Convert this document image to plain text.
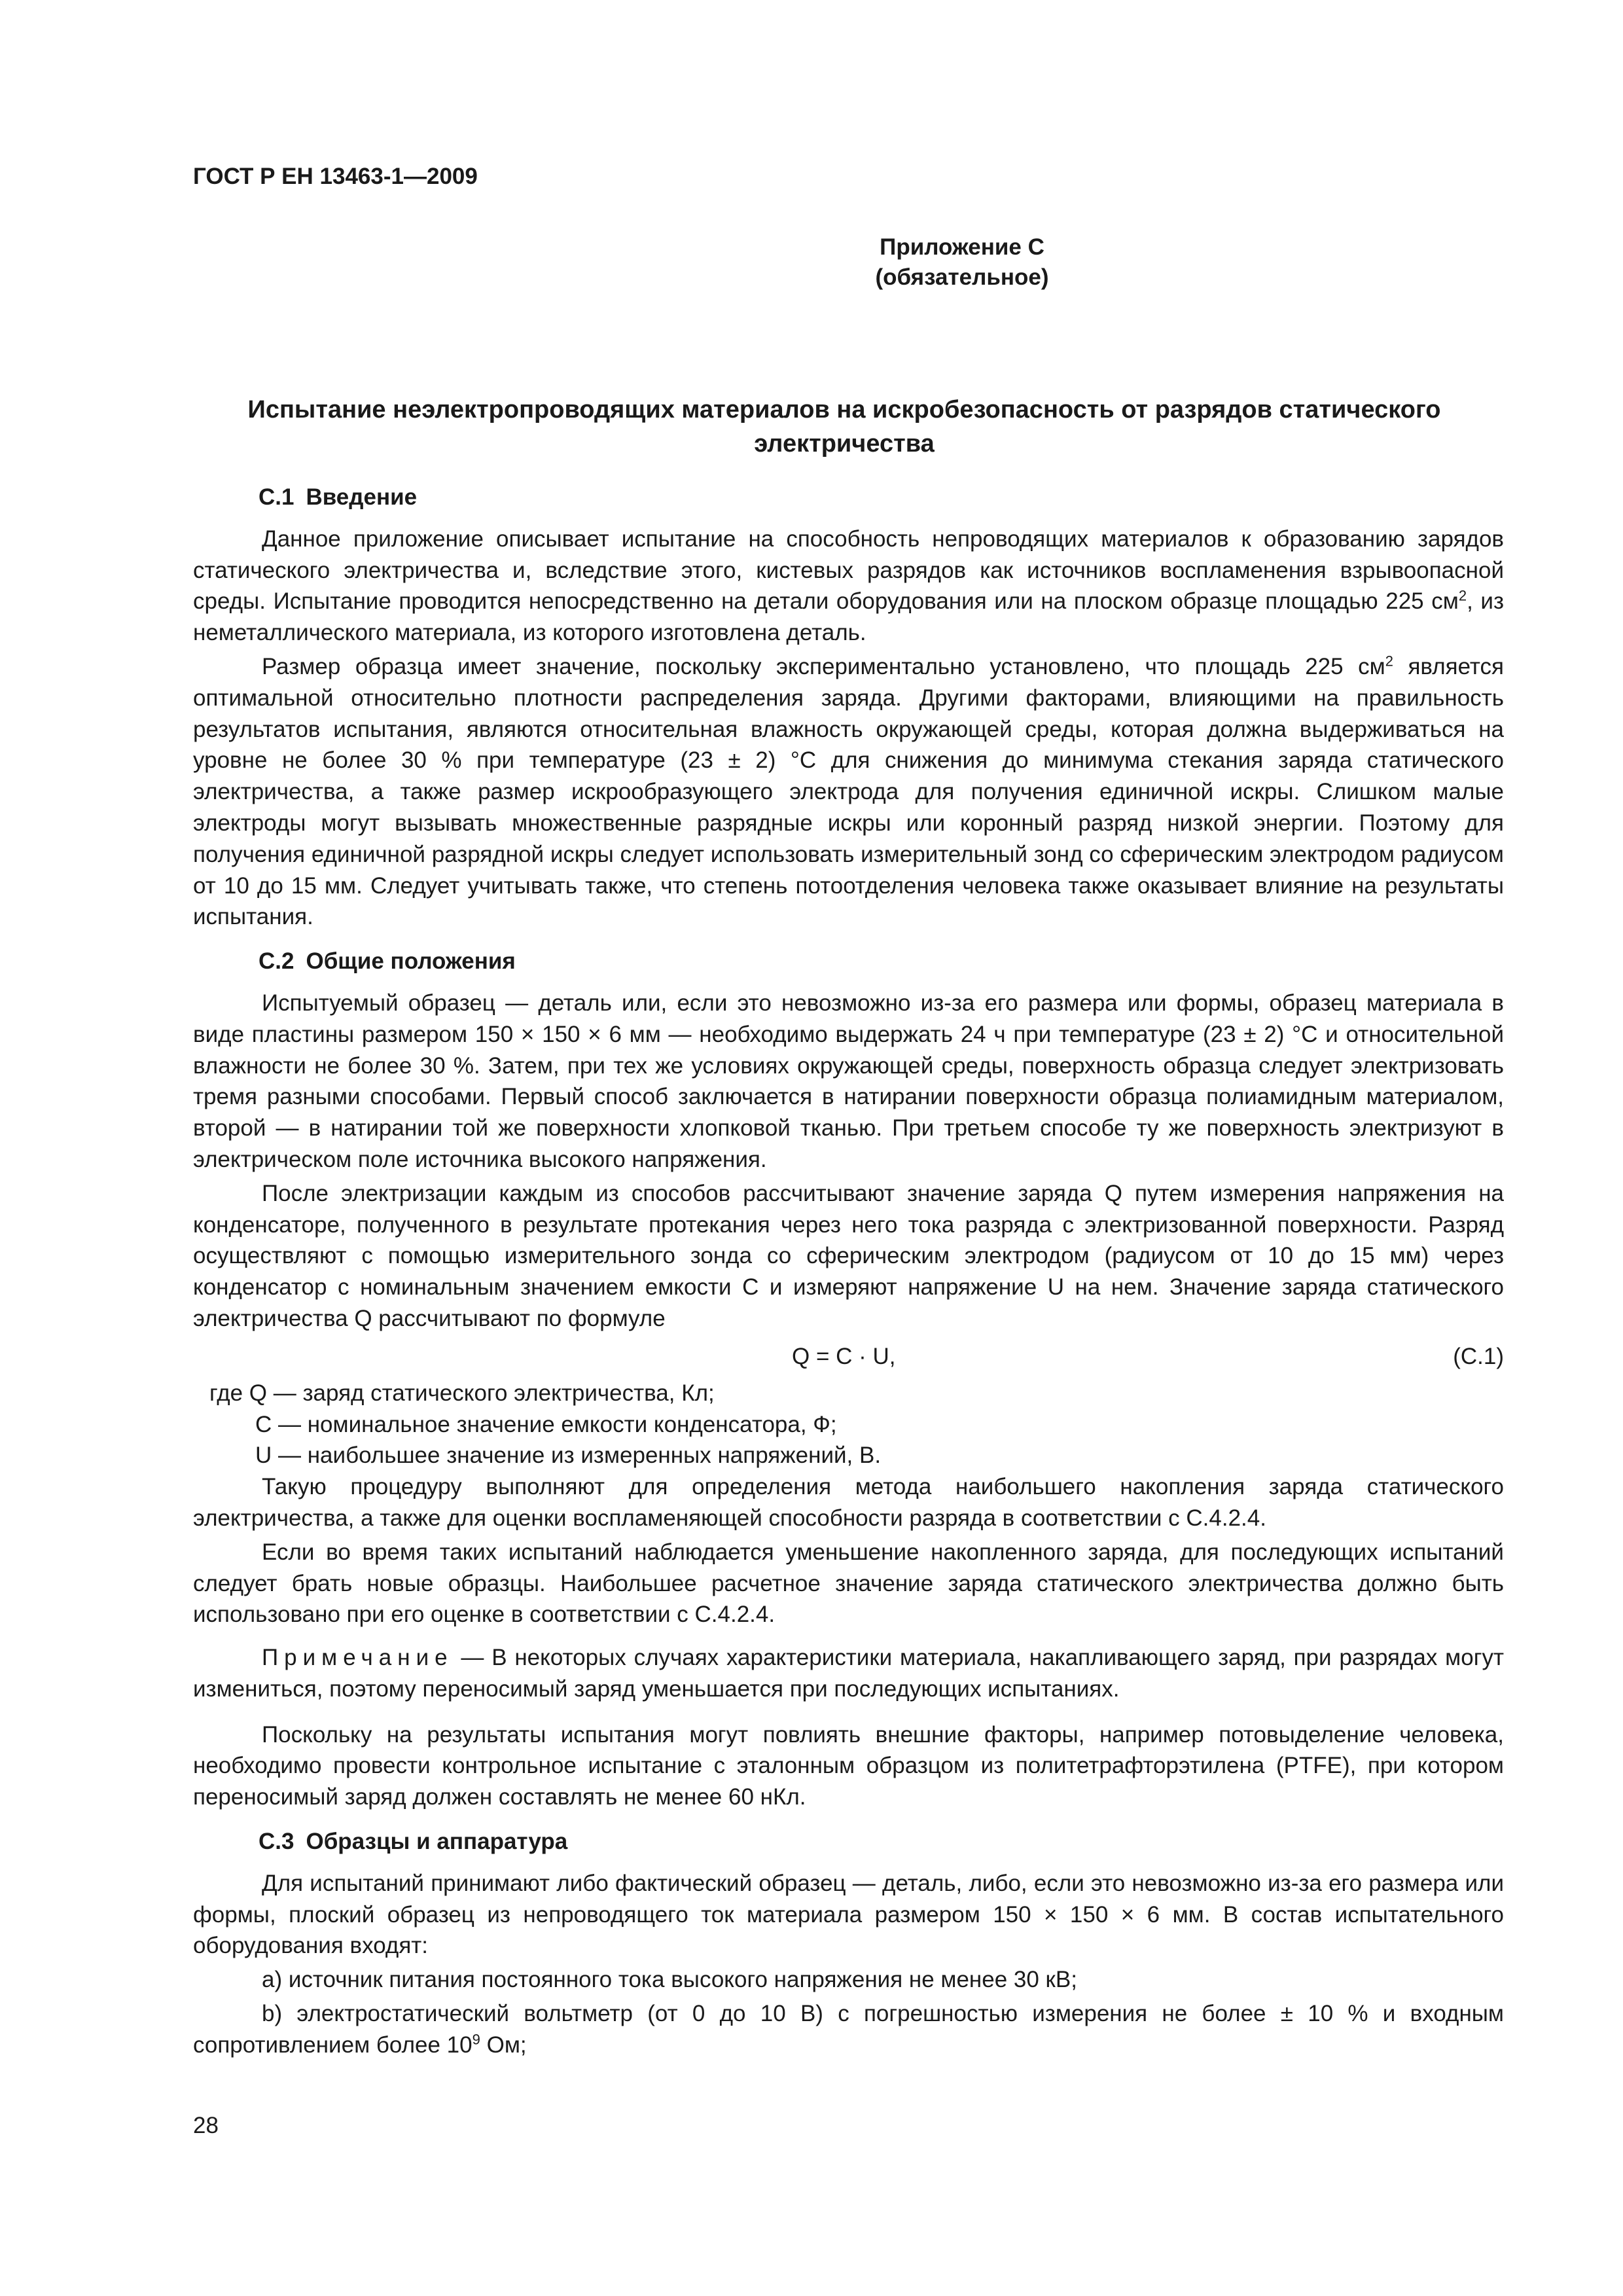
ГОСТ Р ЕН 13463-1—2009
Приложение С
(обязательное)
Испытание неэлектропроводящих материалов на искробезопасность от разрядов статического электричества
С.1 Введение

Данное приложение описывает испытание на способность непроводящих материалов к образованию зарядов статического электричества и, вследствие этого, кистевых разрядов как источников воспламенения взрывоопасной среды. Испытание проводится непосредственно на детали оборудования или на плоском образце площадью 225 $см^2$, из неметаллического материала, из которого изготовлена деталь.

Размер образца имеет значение, поскольку экспериментально установлено, что площадь 225 $см^2$ является оптимальной относительно плотности распределения заряда. Другими факторами, влияющими на правильность результатов испытания, являются относительная влажность окружающей среды, которая должна выдерживаться на уровне не более 30 % при температуре (23 ± 2) °С для снижения до минимума стекания заряда статического электричества, а также размер искрообразующего электрода для получения единичной искры. Слишком малые электроды могут вызывать множественные разрядные искры или коронный разряд низкой энергии. Поэтому для получения единичной разрядной искры следует использовать измерительный зонд со сферическим электродом радиусом от 10 до 15 мм. Следует учитывать также, что степень потоотделения человека также оказывает влияние на результаты испытания.

С.2 Общие положения

Испытуемый образец — деталь или, если это невозможно из-за его размера или формы, образец материала в виде пластины размером 150 × 150 × 6 мм — необходимо выдержать 24 ч при температуре (23 ± 2) °С и относительной влажности не более 30 %. Затем, при тех же условиях окружающей среды, поверхность образца следует электризовать тремя разными способами. Первый способ заключается в натирании поверхности образца полиамидным материалом, второй — в натирании той же поверхности хлопковой тканью. При третьем способе ту же поверхность электризуют в электрическом поле источника высокого напряжения.

После электризации каждым из способов рассчитывают значение заряда Q путем измерения напряжения на конденсаторе, полученного в результате протекания через него тока разряда с электризованной поверхности. Разряд осуществляют с помощью измерительного зонда со сферическим электродом (радиусом от 10 до 15 мм) через конденсатор с номинальным значением емкости С и измеряют напряжение U на нем. Значение заряда статического электричества Q рассчитывают по формуле

Q = C · U,	(С.1)
где Q — заряд статического электричества, Кл;
C — номинальное значение емкости конденсатора, Ф;
U — наибольшее значение из измеренных напряжений, В.

Такую процедуру выполняют для определения метода наибольшего накопления заряда статического электричества, а также для оценки воспламеняющей способности разряда в соответствии с С.4.2.4.

Если во время таких испытаний наблюдается уменьшение накопленного заряда, для последующих испытаний следует брать новые образцы. Наибольшее расчетное значение заряда статического электричества должно быть использовано при его оценке в соответствии с С.4.2.4.

Примечание — В некоторых случаях характеристики материала, накапливающего заряд, при разрядах могут измениться, поэтому переносимый заряд уменьшается при последующих испытаниях.

Поскольку на результаты испытания могут повлиять внешние факторы, например потовыделение человека, необходимо провести контрольное испытание с эталонным образцом из политетрафторэтилена (PTFE), при котором переносимый заряд должен составлять не менее 60 нКл.

С.3 Образцы и аппаратура

Для испытаний принимают либо фактический образец — деталь, либо, если это невозможно из-за его размера или формы, плоский образец из непроводящего ток материала размером 150 × 150 × 6 мм. В состав испытательного оборудования входят:

a) источник питания постоянного тока высокого напряжения не менее 30 кВ;

b) электростатический вольтметр (от 0 до 10 В) с погрешностью измерения не более ± 10 % и входным сопротивлением более $10^9$ Ом;

28
